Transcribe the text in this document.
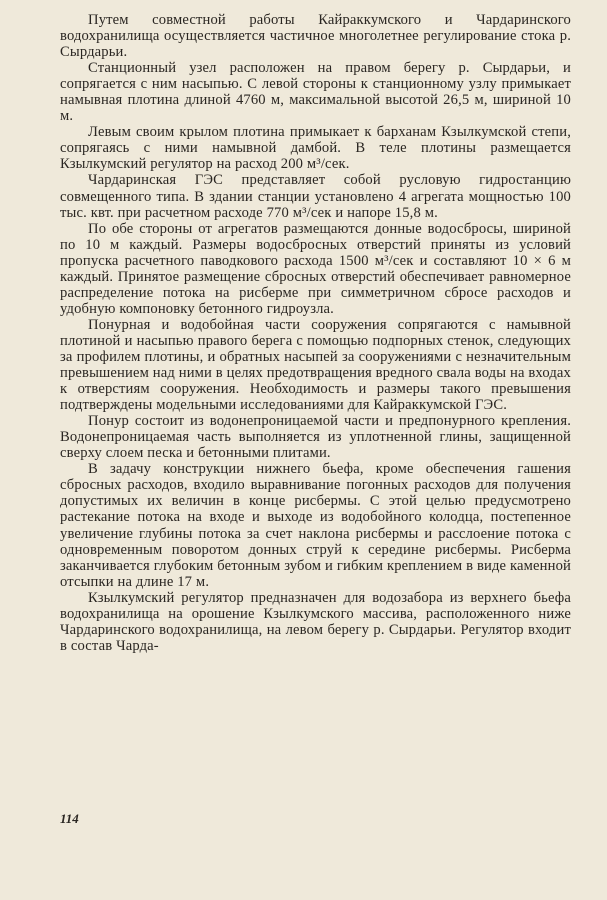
Путем совместной работы Кайраккумского и Чардаринского водохранилища осуществляется частичное многолетнее регулирование стока р. Сырдарьи.

Станционный узел расположен на правом берегу р. Сырдарьи, и сопрягается с ним насыпью. С левой стороны к станционному узлу примыкает намывная плотина длиной 4760 м, максимальной высотой 26,5 м, шириной 10 м.

Левым своим крылом плотина примыкает к барханам Кзылкумской степи, сопрягаясь с ними намывной дамбой. В теле плотины размещается Кзылкумский регулятор на расход 200 м³/сек.

Чардаринская ГЭС представляет собой русловую гидростанцию совмещенного типа. В здании станции установлено 4 агрегата мощностью 100 тыс. квт. при расчетном расходе 770 м³/сек и напоре 15,8 м.

По обе стороны от агрегатов размещаются донные водосбросы, шириной по 10 м каждый. Размеры водосбросных отверстий приняты из условий пропуска расчетного паводкового расхода 1500 м³/сек и составляют 10 × 6 м каждый. Принятое размещение сбросных отверстий обеспечивает равномерное распределение потока на рисберме при симметричном сбросе расходов и удобную компоновку бетонного гидроузла.

Понурная и водобойная части сооружения сопрягаются с намывной плотиной и насыпью правого берега с помощью подпорных стенок, следующих за профилем плотины, и обратных насыпей за сооружениями с незначительным превышением над ними в целях предотвращения вредного свала воды на входах к отверстиям сооружения. Необходимость и размеры такого превышения подтверждены модельными исследованиями для Кайраккумской ГЭС.

Понур состоит из водонепроницаемой части и предпонурного крепления. Водонепроницаемая часть выполняется из уплотненной глины, защищенной сверху слоем песка и бетонными плитами.

В задачу конструкции нижнего бьефа, кроме обеспечения гашения сбросных расходов, входило выравнивание погонных расходов для получения допустимых их величин в конце рисбермы. С этой целью предусмотрено растекание потока на входе и выходе из водобойного колодца, постепенное увеличение глубины потока за счет наклона рисбермы и расслоение потока с одновременным поворотом донных струй к середине рисбермы. Рисберма заканчивается глубоким бетонным зубом и гибким креплением в виде каменной отсыпки на длине 17 м.

Кзылкумский регулятор предназначен для водозабора из верхнего бьефа водохранилища на орошение Кзылкумского массива, расположенного ниже Чардаринского водохранилища, на левом берегу р. Сырдарьи. Регулятор входит в состав Чарда-

114
